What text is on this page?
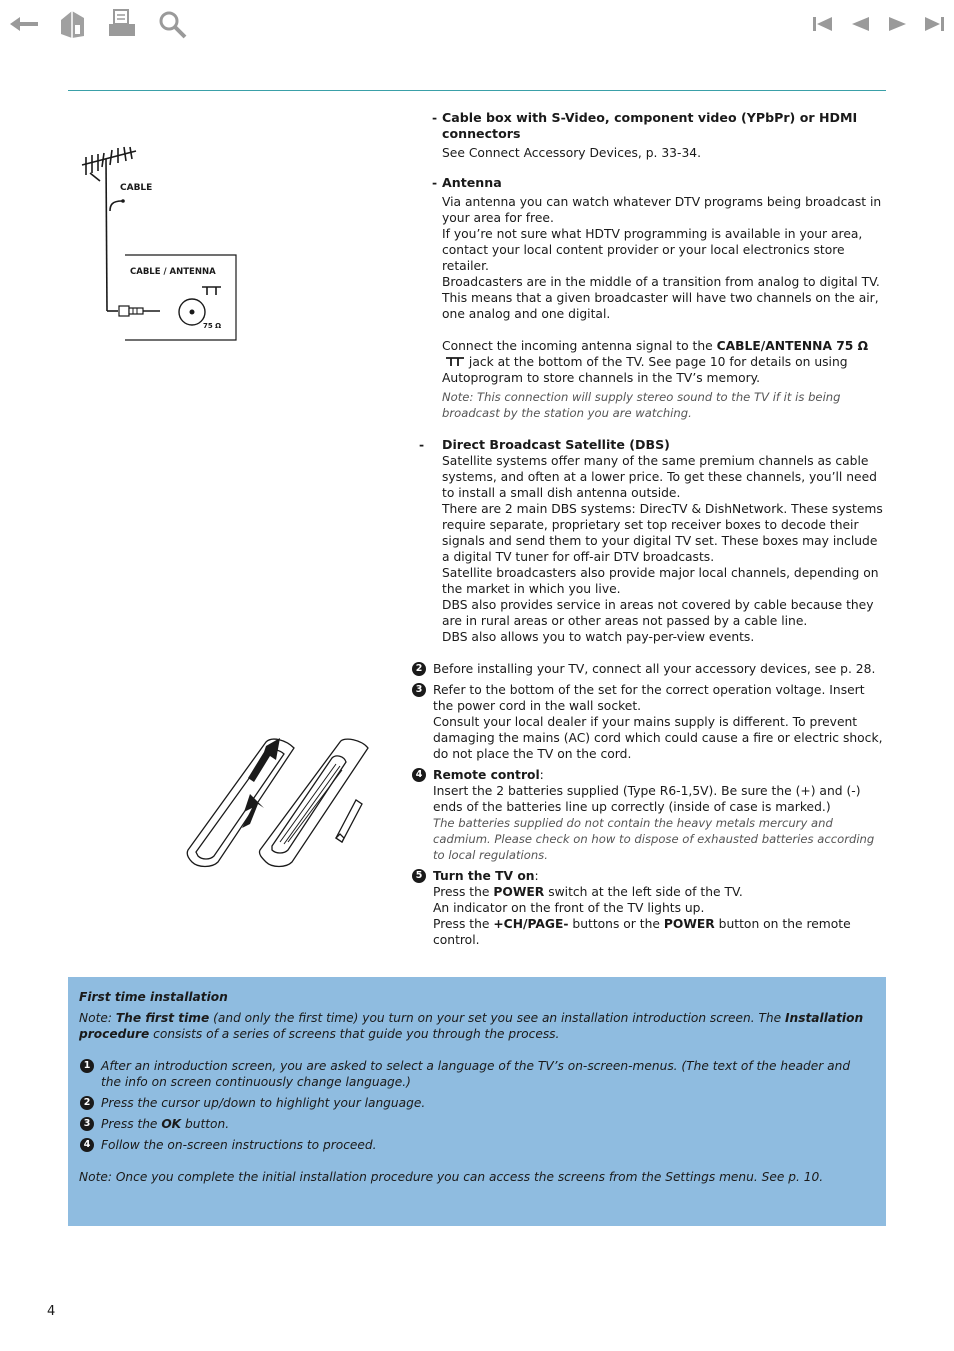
CABLE
CABLE / ANTENNA
75 Ω
- Cable box with S-Video, component video (YPbPr) or HDMI connectors

See Connect Accessory Devices, p. 33-34.

- Antenna

Via antenna you can watch whatever DTV programs being broadcast in your area for free.

If you’re not sure what HDTV programming is available in your area, contact your local content provider or your local electronics store retailer.

Broadcasters are in the middle of a transition from analog to digital TV. This means that a given broadcaster will have two channels on the air, one analog and one digital.

Connect the incoming antenna signal to the CABLE/ANTENNA 75 Ω jack at the bottom of the TV. See page 10 for details on using Autoprogram to store channels in the TV’s memory.

Note: This connection will supply stereo sound to the TV if it is being broadcast by the station you are watching.

- Direct Broadcast Satellite (DBS)

Satellite systems offer many of the same premium channels as cable systems, and often at a lower price. To get these channels, you’ll need to install a small dish antenna outside.

There are 2 main DBS systems: DirecTV & DishNetwork. These systems require separate, proprietary set top receiver boxes to decode their signals and send them to your digital TV set. These boxes may include a digital TV tuner for off-air DTV broadcasts.

Satellite broadcasters also provide major local channels, depending on the market in which you live.

DBS also provides service in areas not covered by cable because they are in rural areas or other areas not passed by a cable line.

DBS also allows you to watch pay-per-view events.

2 Before installing your TV, connect all your accessory devices, see p. 28.

3 Refer to the bottom of the set for the correct operation voltage. Insert the power cord in the wall socket.

Consult your local dealer if your mains supply is different. To prevent damaging the mains (AC) cord which could cause a fire or electric shock, do not place the TV on the cord.

4 Remote control:

Insert the 2 batteries supplied (Type R6-1,5V). Be sure the (+) and (-) ends of the batteries line up correctly (inside of case is marked.)

The batteries supplied do not contain the heavy metals mercury and cadmium. Please check on how to dispose of exhausted batteries according to local regulations.

5 Turn the TV on:

Press the POWER switch at the left side of the TV.

An indicator on the front of the TV lights up.

Press the +CH/PAGE- buttons or the POWER button on the remote control.

First time installation

Note: The first time (and only the first time) you turn on your set you see an installation introduction screen. The Installation procedure consists of a series of screens that guide you through the process.

1 After an introduction screen, you are asked to select a language of the TV’s on-screen-menus. (The text of the header and the info on screen continuously change language.)

2 Press the cursor up/down to highlight your language.

3 Press the OK button.

4 Follow the on-screen instructions to proceed.

Note: Once you complete the initial installation procedure you can access the screens from the Settings menu. See p. 10.

4
